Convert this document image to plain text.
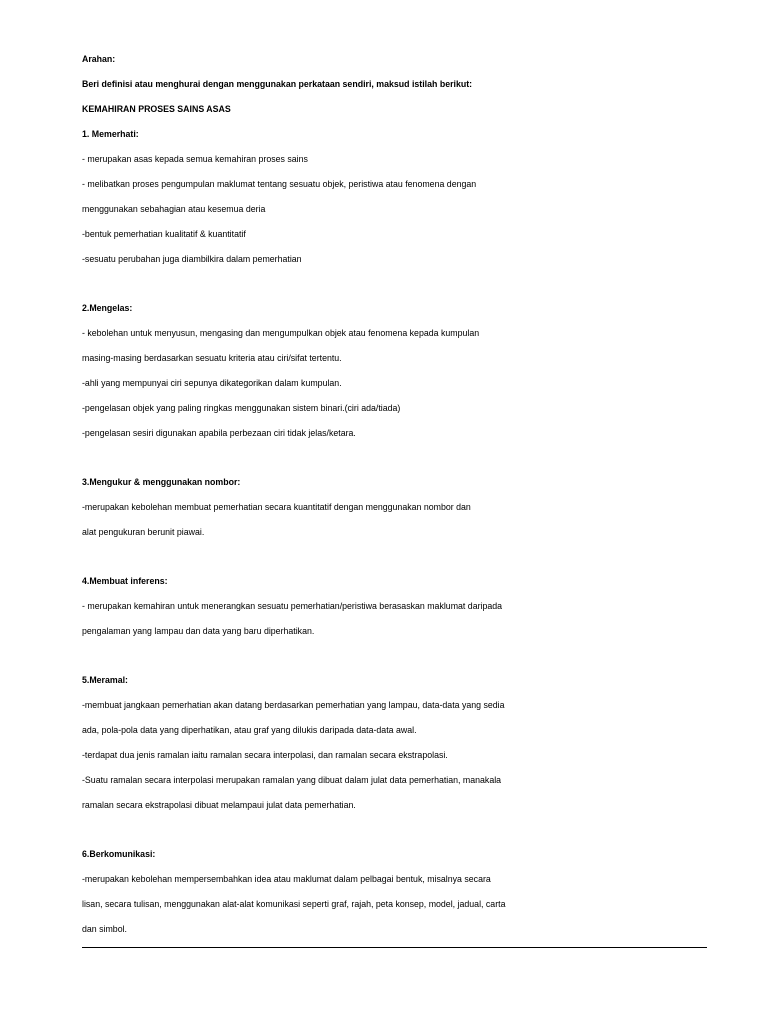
Arahan:

Beri definisi atau menghurai dengan menggunakan perkataan sendiri, maksud istilah berikut:

KEMAHIRAN PROSES SAINS ASAS

1. Memerhati:

- merupakan asas kepada semua kemahiran proses sains

- melibatkan proses pengumpulan maklumat tentang sesuatu objek, peristiwa atau fenomena dengan

menggunakan sebahagian atau kesemua deria

-bentuk pemerhatian kualitatif & kuantitatif

-sesuatu perubahan juga diambilkira dalam pemerhatian

2.Mengelas:

- kebolehan untuk menyusun, mengasing dan mengumpulkan objek atau fenomena kepada kumpulan

masing-masing berdasarkan sesuatu kriteria atau ciri/sifat tertentu.

-ahli yang mempunyai ciri sepunya dikategorikan dalam kumpulan.

-pengelasan objek yang paling ringkas menggunakan sistem binari.(ciri ada/tiada)

-pengelasan sesiri digunakan apabila perbezaan ciri tidak jelas/ketara.

3.Mengukur & menggunakan nombor:

-merupakan kebolehan membuat pemerhatian secara kuantitatif dengan menggunakan nombor dan

alat pengukuran berunit piawai.

4.Membuat inferens:

- merupakan kemahiran untuk menerangkan sesuatu pemerhatian/peristiwa berasaskan maklumat daripada

pengalaman yang lampau dan data yang baru diperhatikan.

5.Meramal:

-membuat jangkaan pemerhatian akan datang berdasarkan pemerhatian yang lampau, data-data yang sedia

ada, pola-pola data yang diperhatikan, atau graf yang dilukis daripada data-data awal.

-terdapat dua jenis ramalan iaitu ramalan secara interpolasi, dan ramalan secara ekstrapolasi.

-Suatu ramalan secara interpolasi merupakan ramalan yang dibuat dalam julat data pemerhatian, manakala

ramalan secara ekstrapolasi dibuat melampaui julat data pemerhatian.

6.Berkomunikasi:

-merupakan kebolehan mempersembahkan idea atau maklumat dalam pelbagai bentuk, misalnya secara

lisan, secara tulisan, menggunakan alat-alat komunikasi seperti graf, rajah, peta konsep, model, jadual, carta

dan simbol.
